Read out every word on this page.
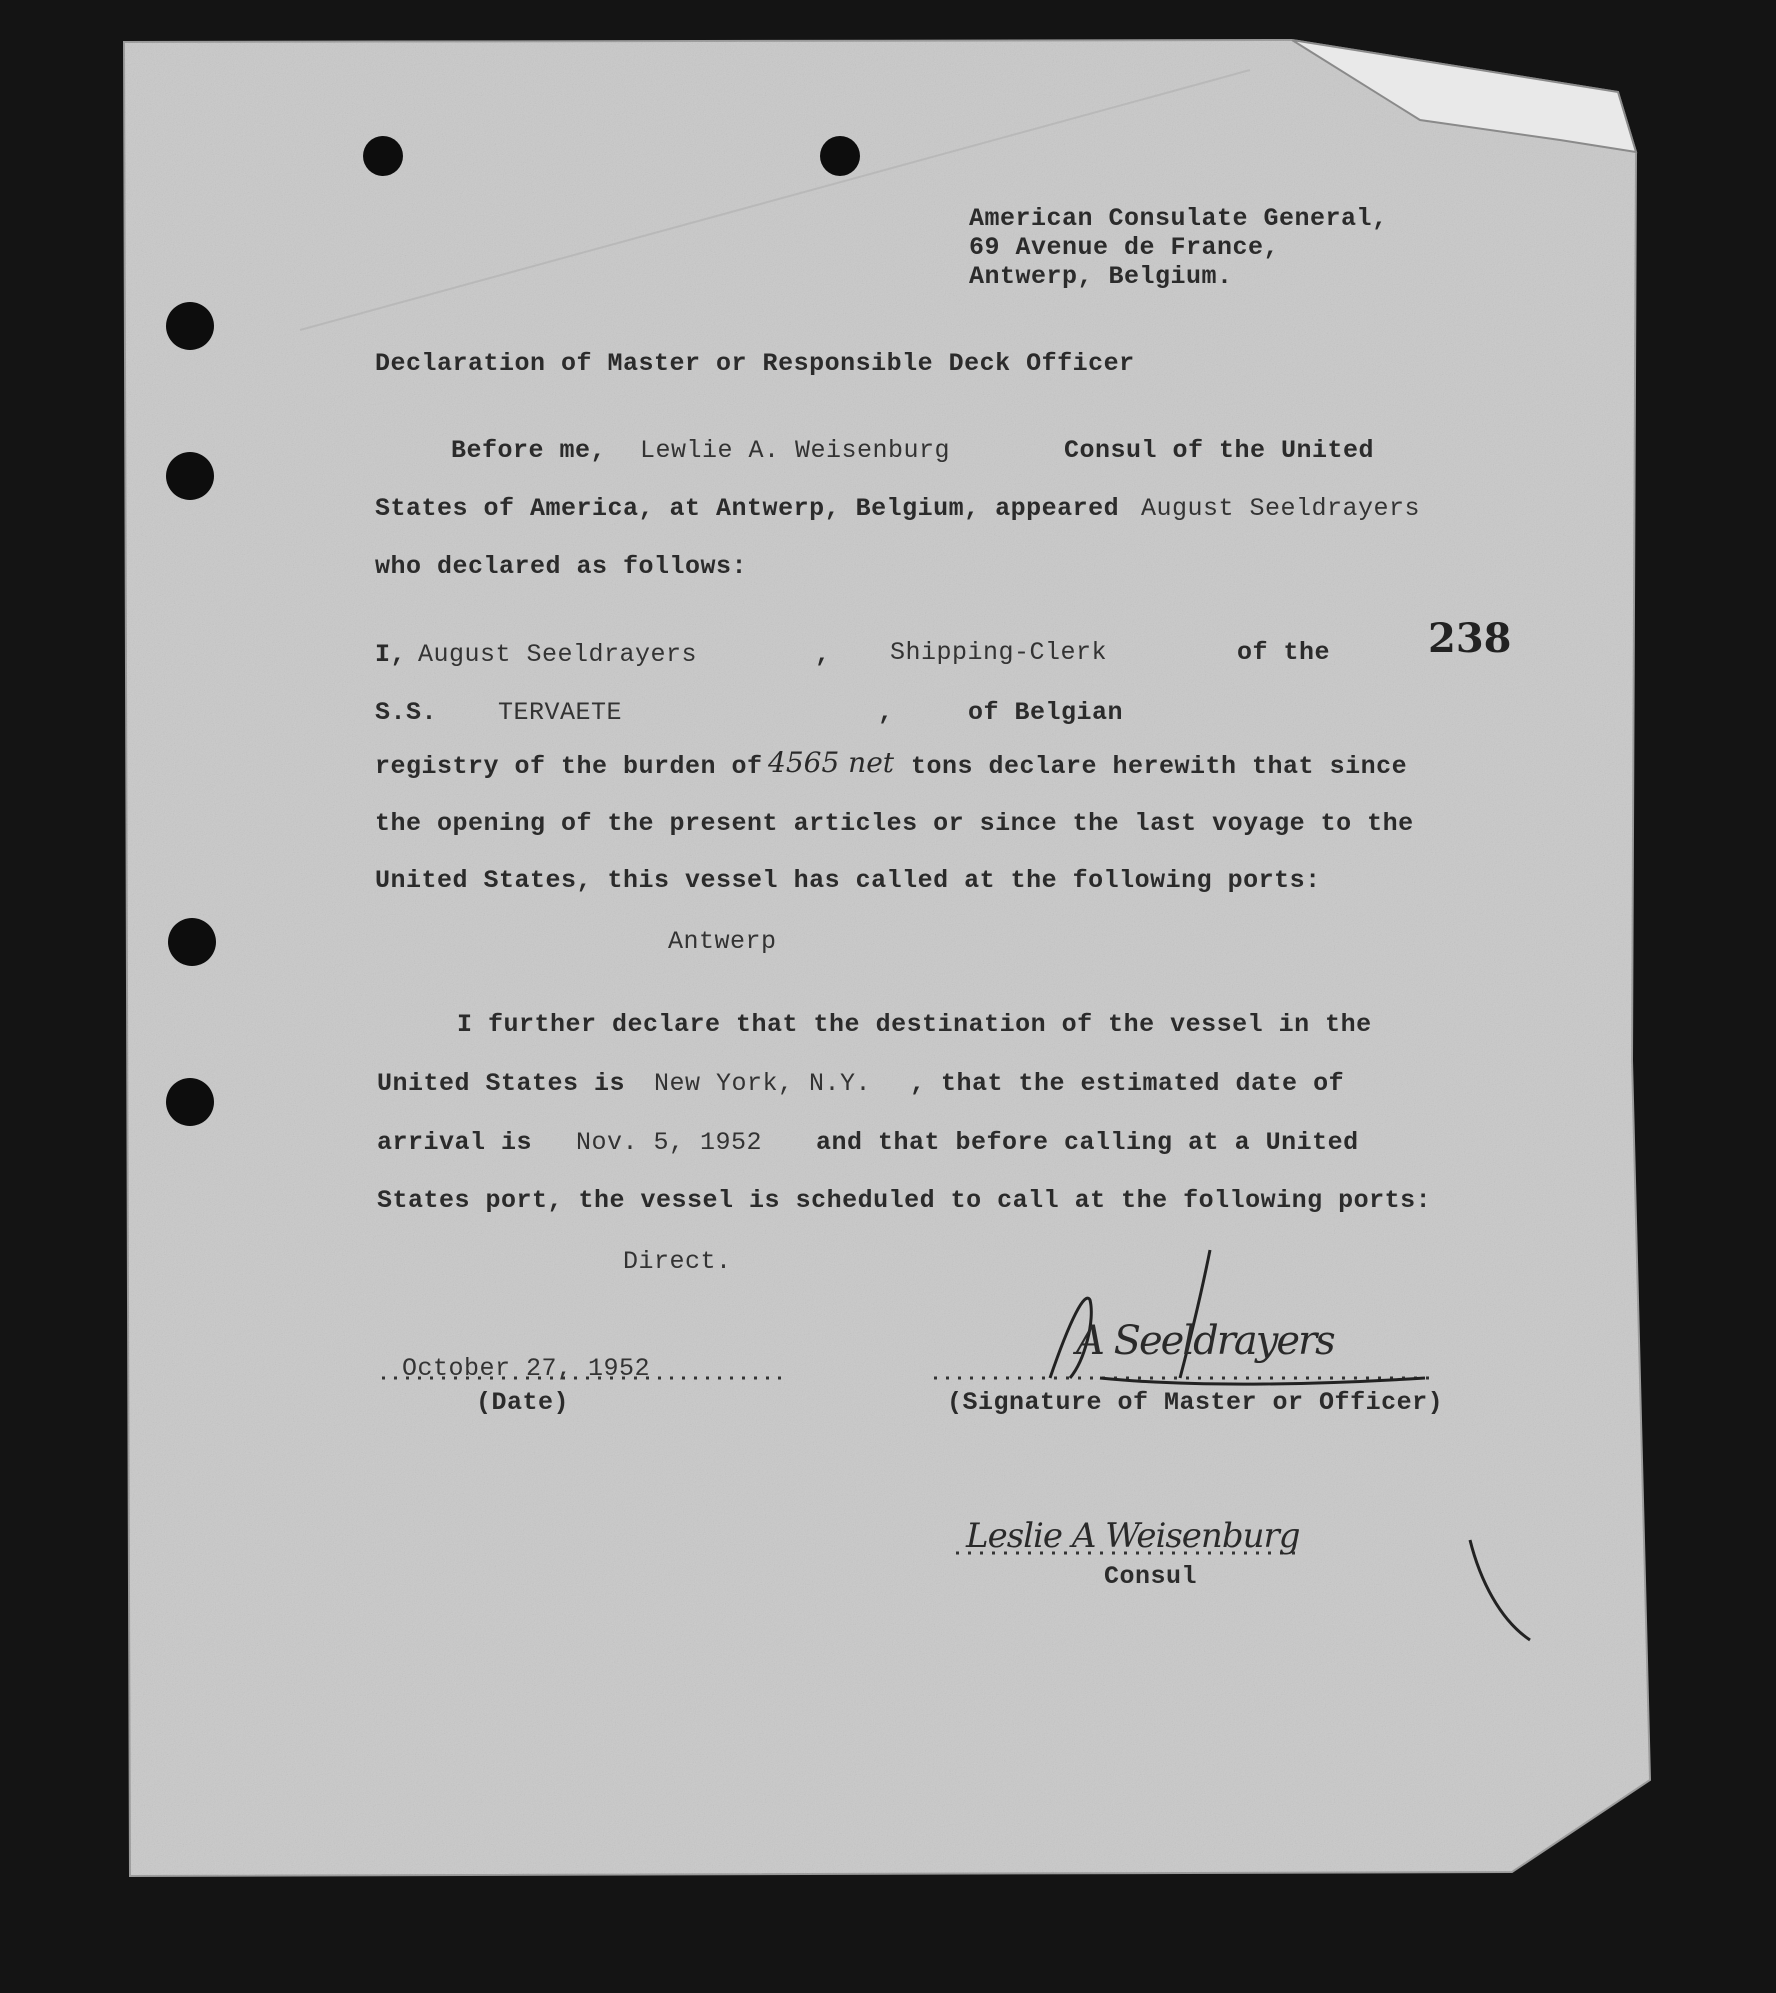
American Consulate General,
69 Avenue de France,
Antwerp, Belgium.
Declaration of Master or Responsible Deck Officer
Before me, Lewlie A. Weisenburg	Consul of the United
States of America, at Antwerp, Belgium, appeared August Seeldrayers
who declared as follows:
238
I, August Seeldrayers	, Shipping-Clerk	of the
S.S. TERVAETE	,	of Belgian
registry of the burden of 4565 net tons declare herewith that since
the opening of the present articles or since the last voyage to the
United States, this vessel has called at the following ports:
Antwerp
I further declare that the destination of the vessel in the
United States is New York, N.Y. , that the estimated date of
arrival is Nov. 5, 1952 and that before calling at a United
States port, the vessel is scheduled to call at the following ports:
Direct.
October 27, 1952
(Date)
A Seeldrayers
(Signature of Master or Officer)
Leslie A Weisenburg
Consul
